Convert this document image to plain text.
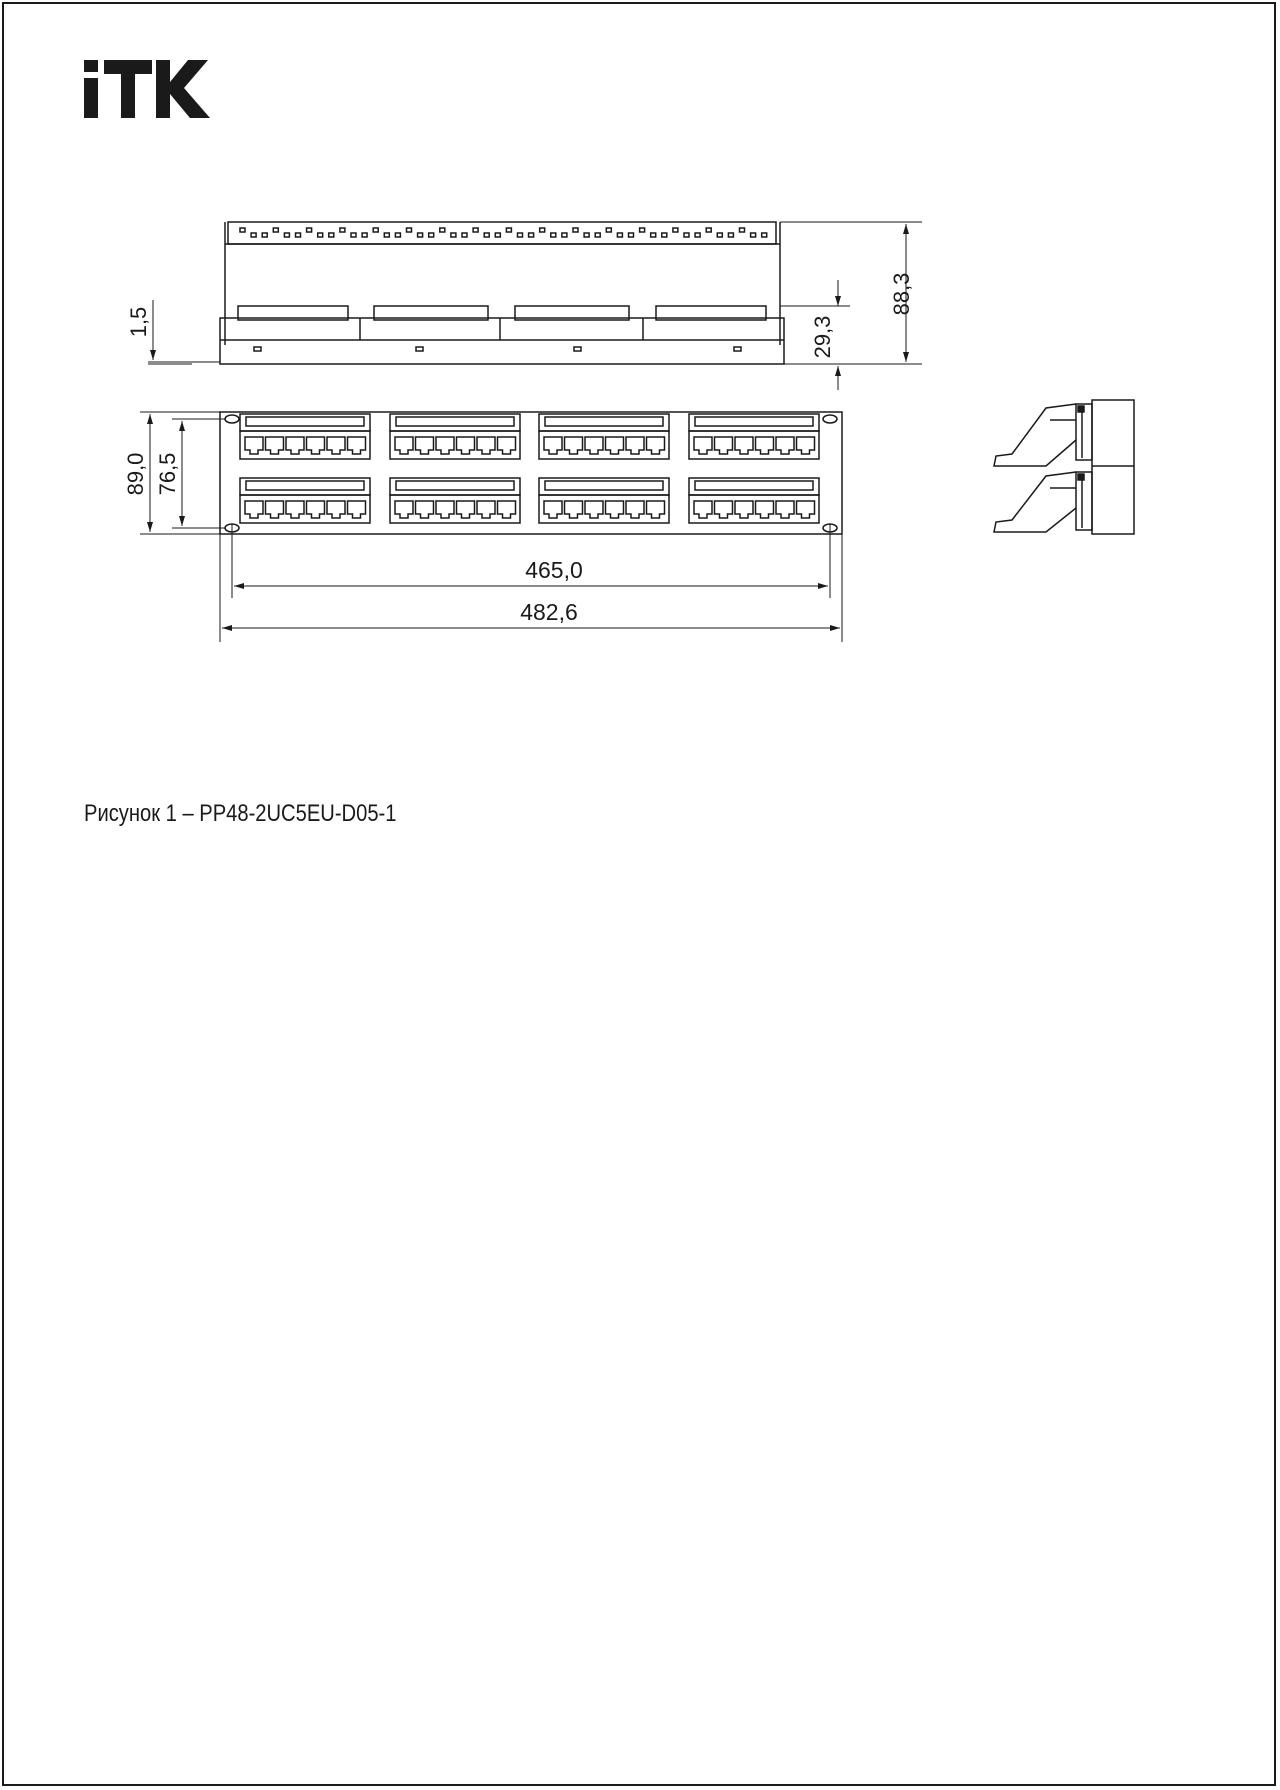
88,3
29,3
1,5
89,0 76,5
465,0
482,6
Рисунок 1 – PP48-2UC5EU-D05-1
